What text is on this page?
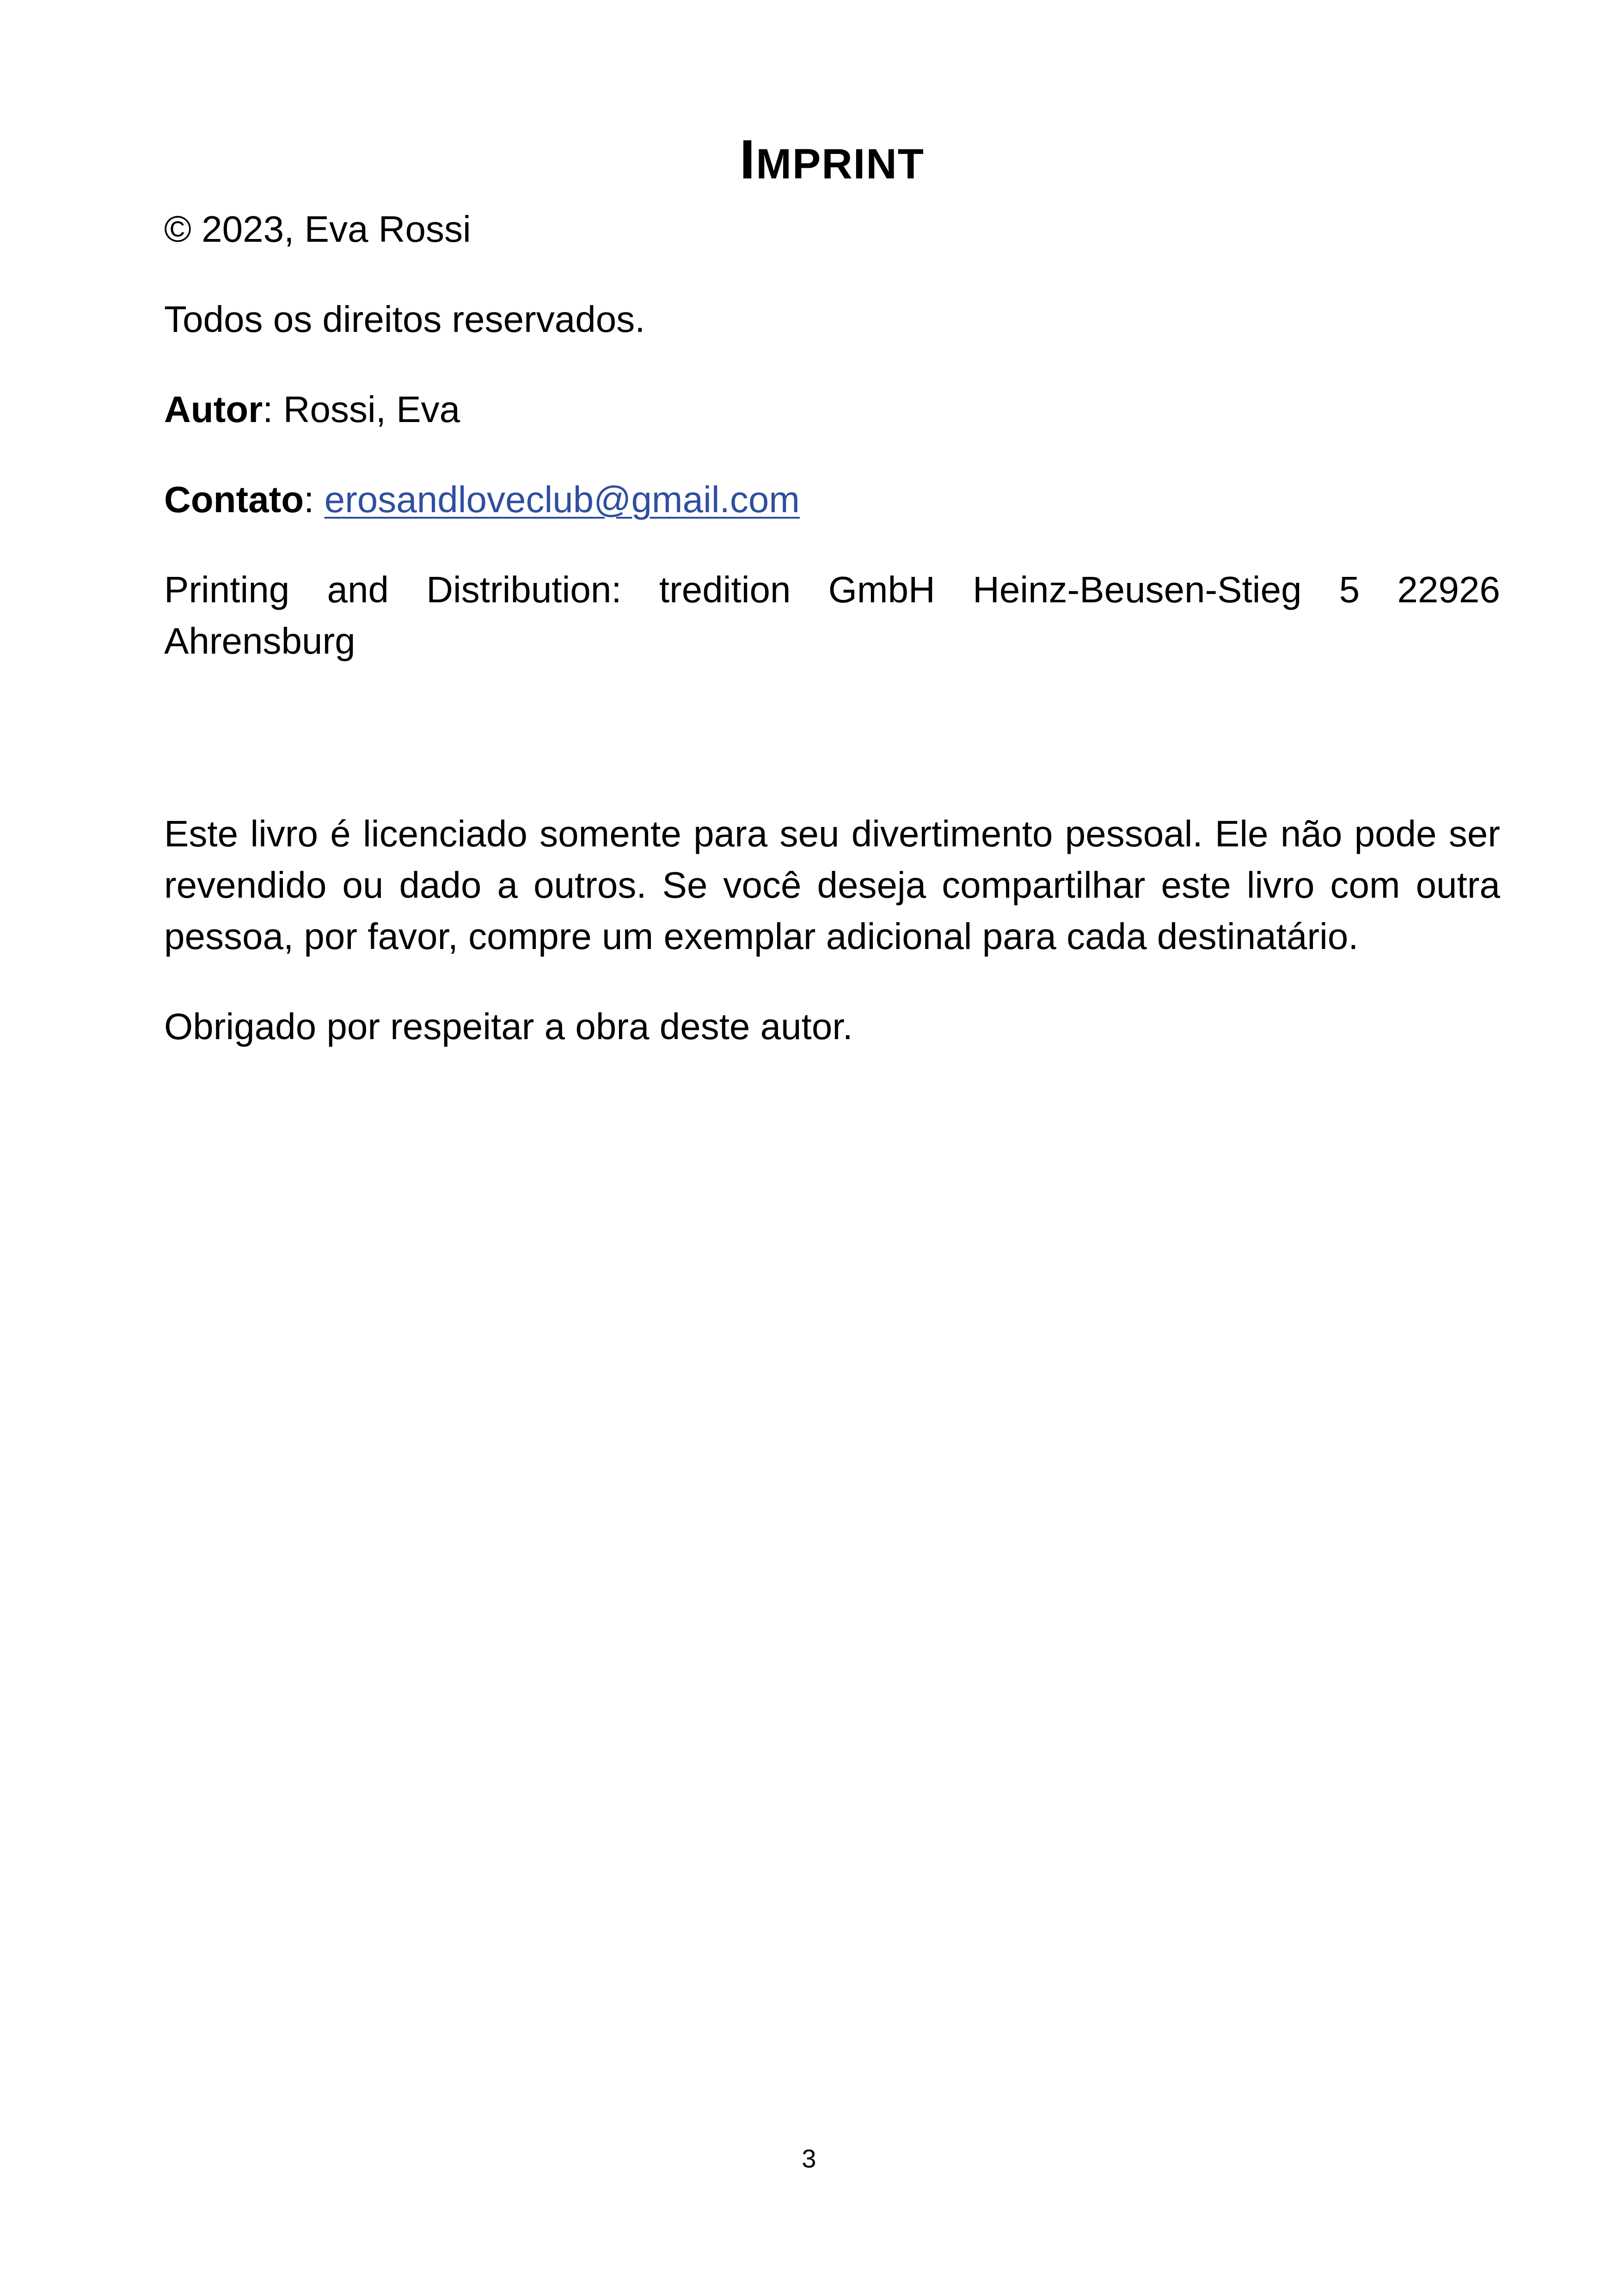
IMPRINT

© 2023, Eva Rossi

Todos os direitos reservados.

Autor: Rossi, Eva

Contato: erosandloveclub@gmail.com

Printing and Distribution: tredition GmbH Heinz-Beusen-Stieg 5 22926 Ahrensburg

Este livro é licenciado somente para seu divertimento pessoal. Ele não pode ser revendido ou dado a outros. Se você deseja compartilhar este livro com outra pessoa, por favor, compre um exemplar adicional para cada destinatário.

Obrigado por respeitar a obra deste autor.

3
